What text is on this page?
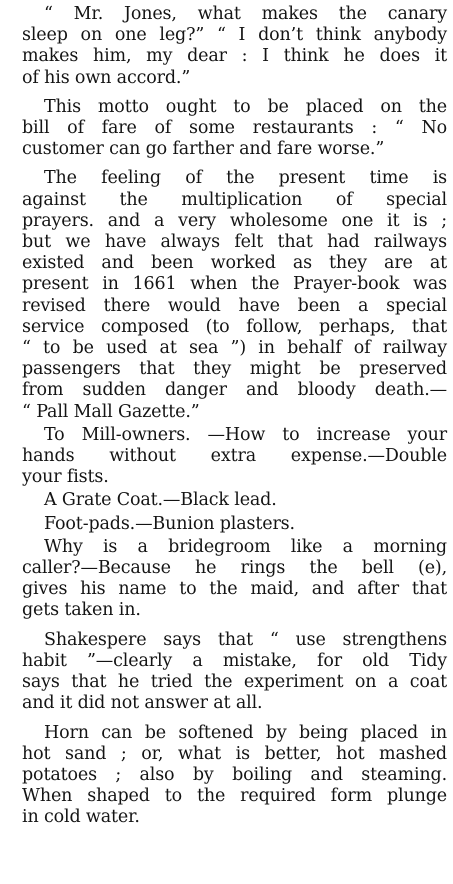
“ Mr. Jones, what makes the canary
sleep on one leg?” “ I don’t think anybody
makes him, my dear : I think he does it
of his own accord.”

This motto ought to be placed on the
bill of fare of some restaurants : “ No
customer can go farther and fare worse.”

The feeling of the present time is
against the multiplication of special
prayers. and a very wholesome one it is ;
but we have always felt that had railways
existed and been worked as they are at
present in 1661 when the Prayer-book was
revised there would have been a special
service composed (to follow, perhaps, that
“ to be used at sea ”) in behalf of railway
passengers that they might be preserved
from sudden danger and bloody death.—
“ Pall Mall Gazette.”

To Mill-owners. —How to increase your
hands without extra expense.—Double
your fists.

A Grate Coat.—Black lead.

Foot-pads.—Bunion plasters.

Why is a bridegroom like a morning
caller?—Because he rings the bell (e),
gives his name to the maid, and after that
gets taken in.

Shakespere says that “ use strengthens
habit ”—clearly a mistake, for old Tidy
says that he tried the experiment on a coat
and it did not answer at all.

Horn can be softened by being placed in
hot sand ; or, what is better, hot mashed
potatoes ; also by boiling and steaming.
When shaped to the required form plunge
in cold water.
